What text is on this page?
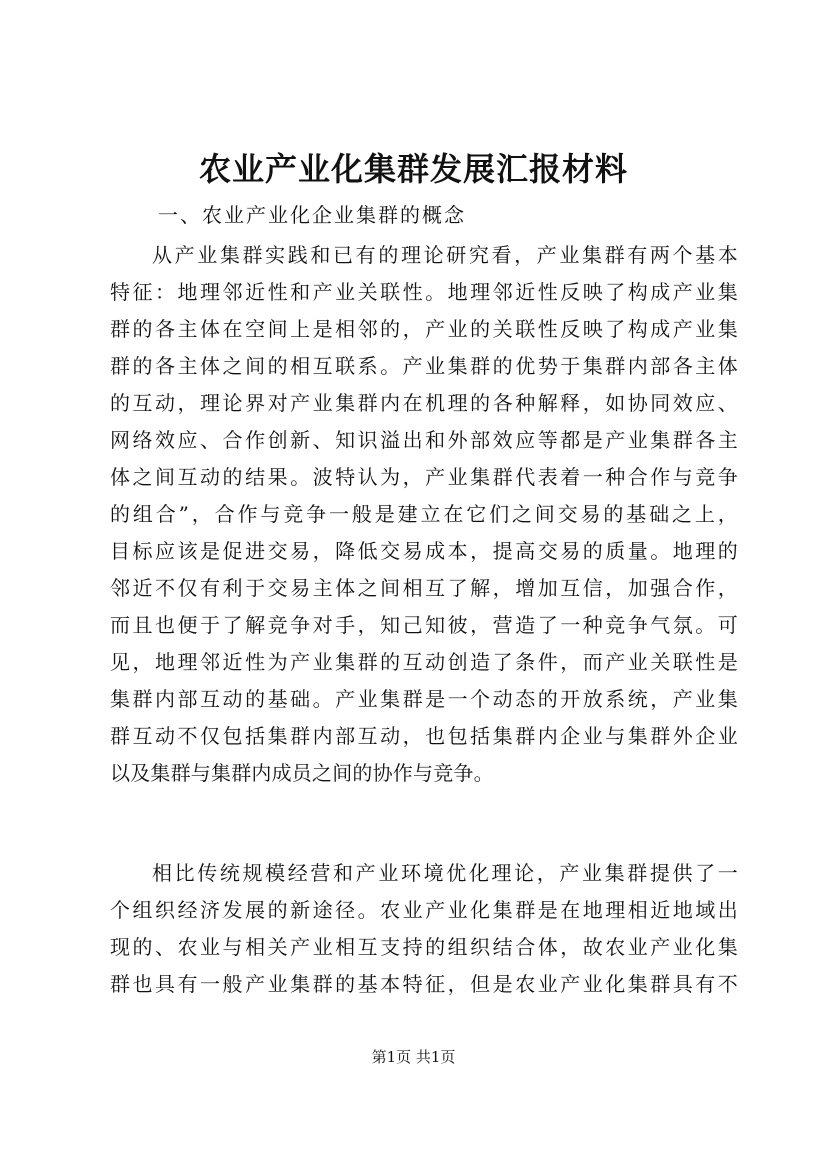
农业产业化集群发展汇报材料
一、农业产业化企业集群的概念
从产业集群实践和已有的理论研究看，产业集群有两个基本
特征：地理邻近性和产业关联性。地理邻近性反映了构成产业集
群的各主体在空间上是相邻的，产业的关联性反映了构成产业集
群的各主体之间的相互联系。产业集群的优势于集群内部各主体
的互动，理论界对产业集群内在机理的各种解释，如协同效应、
网络效应、合作创新、知识溢出和外部效应等都是产业集群各主
体之间互动的结果。波特认为，产业集群代表着一种合作与竞争
的组合”，合作与竞争一般是建立在它们之间交易的基础之上，
目标应该是促进交易，降低交易成本，提高交易的质量。地理的
邻近不仅有利于交易主体之间相互了解，增加互信，加强合作，
而且也便于了解竞争对手，知己知彼，营造了一种竞争气氛。可
见，地理邻近性为产业集群的互动创造了条件，而产业关联性是
集群内部互动的基础。产业集群是一个动态的开放系统，产业集
群互动不仅包括集群内部互动，也包括集群内企业与集群外企业
以及集群与集群内成员之间的协作与竞争。
相比传统规模经营和产业环境优化理论，产业集群提供了一
个组织经济发展的新途径。农业产业化集群是在地理相近地域出
现的、农业与相关产业相互支持的组织结合体，故农业产业化集
群也具有一般产业集群的基本特征，但是农业产业化集群具有不
第1页 共1页
